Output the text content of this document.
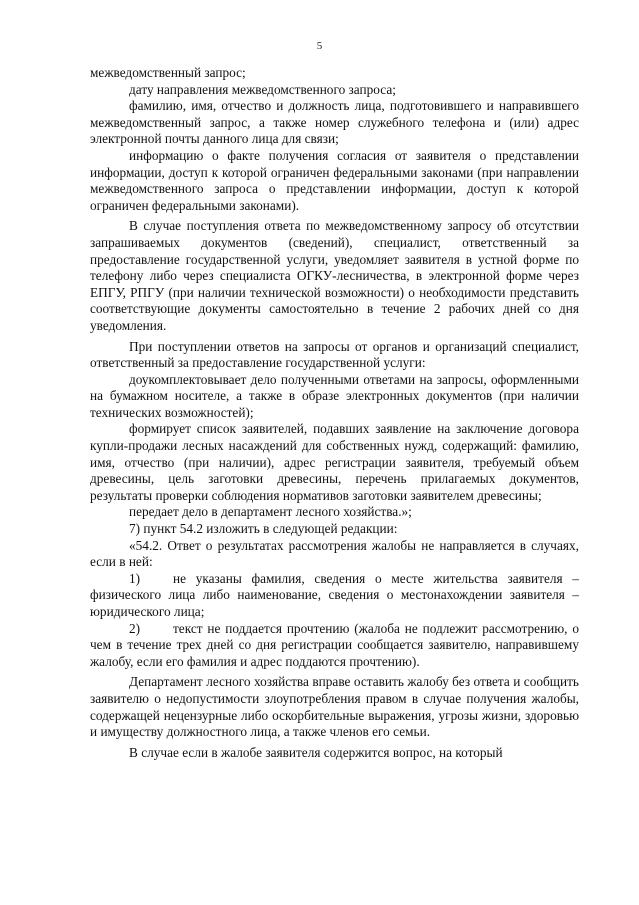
5

межведомственный запрос;

дату направления межведомственного запроса;

фамилию, имя, отчество и должность лица, подготовившего и направившего межведомственный запрос, а также номер служебного телефона и (или) адрес электронной почты данного лица для связи;

информацию о факте получения согласия от заявителя о представлении информации, доступ к которой ограничен федеральными законами (при направлении межведомственного запроса о представлении информации, доступ к которой ограничен федеральными законами).

В случае поступления ответа по межведомственному запросу об отсутствии запрашиваемых документов (сведений), специалист, ответственный за предоставление государственной услуги, уведомляет заявителя в устной форме по телефону либо через специалиста ОГКУ-лесничества, в электронной форме через ЕПГУ, РПГУ (при наличии технической возможности) о необходимости представить соответствующие документы самостоятельно в течение 2 рабочих дней со дня уведомления.

При поступлении ответов на запросы от органов и организаций специалист, ответственный за предоставление государственной услуги:

доукомплектовывает дело полученными ответами на запросы, оформленными на бумажном носителе, а также в образе электронных документов (при наличии технических возможностей);

формирует список заявителей, подавших заявление на заключение договора купли-продажи лесных насаждений для собственных нужд, содержащий: фамилию, имя, отчество (при наличии), адрес регистрации заявителя, требуемый объем древесины, цель заготовки древесины, перечень прилагаемых документов, результаты проверки соблюдения нормативов заготовки заявителем древесины;

передает дело в департамент лесного хозяйства.»;

7) пункт 54.2 изложить в следующей редакции:

«54.2. Ответ о результатах рассмотрения жалобы не направляется в случаях, если в ней:

1) не указаны фамилия, сведения о месте жительства заявителя – физического лица либо наименование, сведения о местонахождении заявителя – юридического лица;

2) текст не поддается прочтению (жалоба не подлежит рассмотрению, о чем в течение трех дней со дня регистрации сообщается заявителю, направившему жалобу, если его фамилия и адрес поддаются прочтению).

Департамент лесного хозяйства вправе оставить жалобу без ответа и сообщить заявителю о недопустимости злоупотребления правом в случае получения жалобы, содержащей нецензурные либо оскорбительные выражения, угрозы жизни, здоровью и имуществу должностного лица, а также членов его семьи.

В случае если в жалобе заявителя содержится вопрос, на который
